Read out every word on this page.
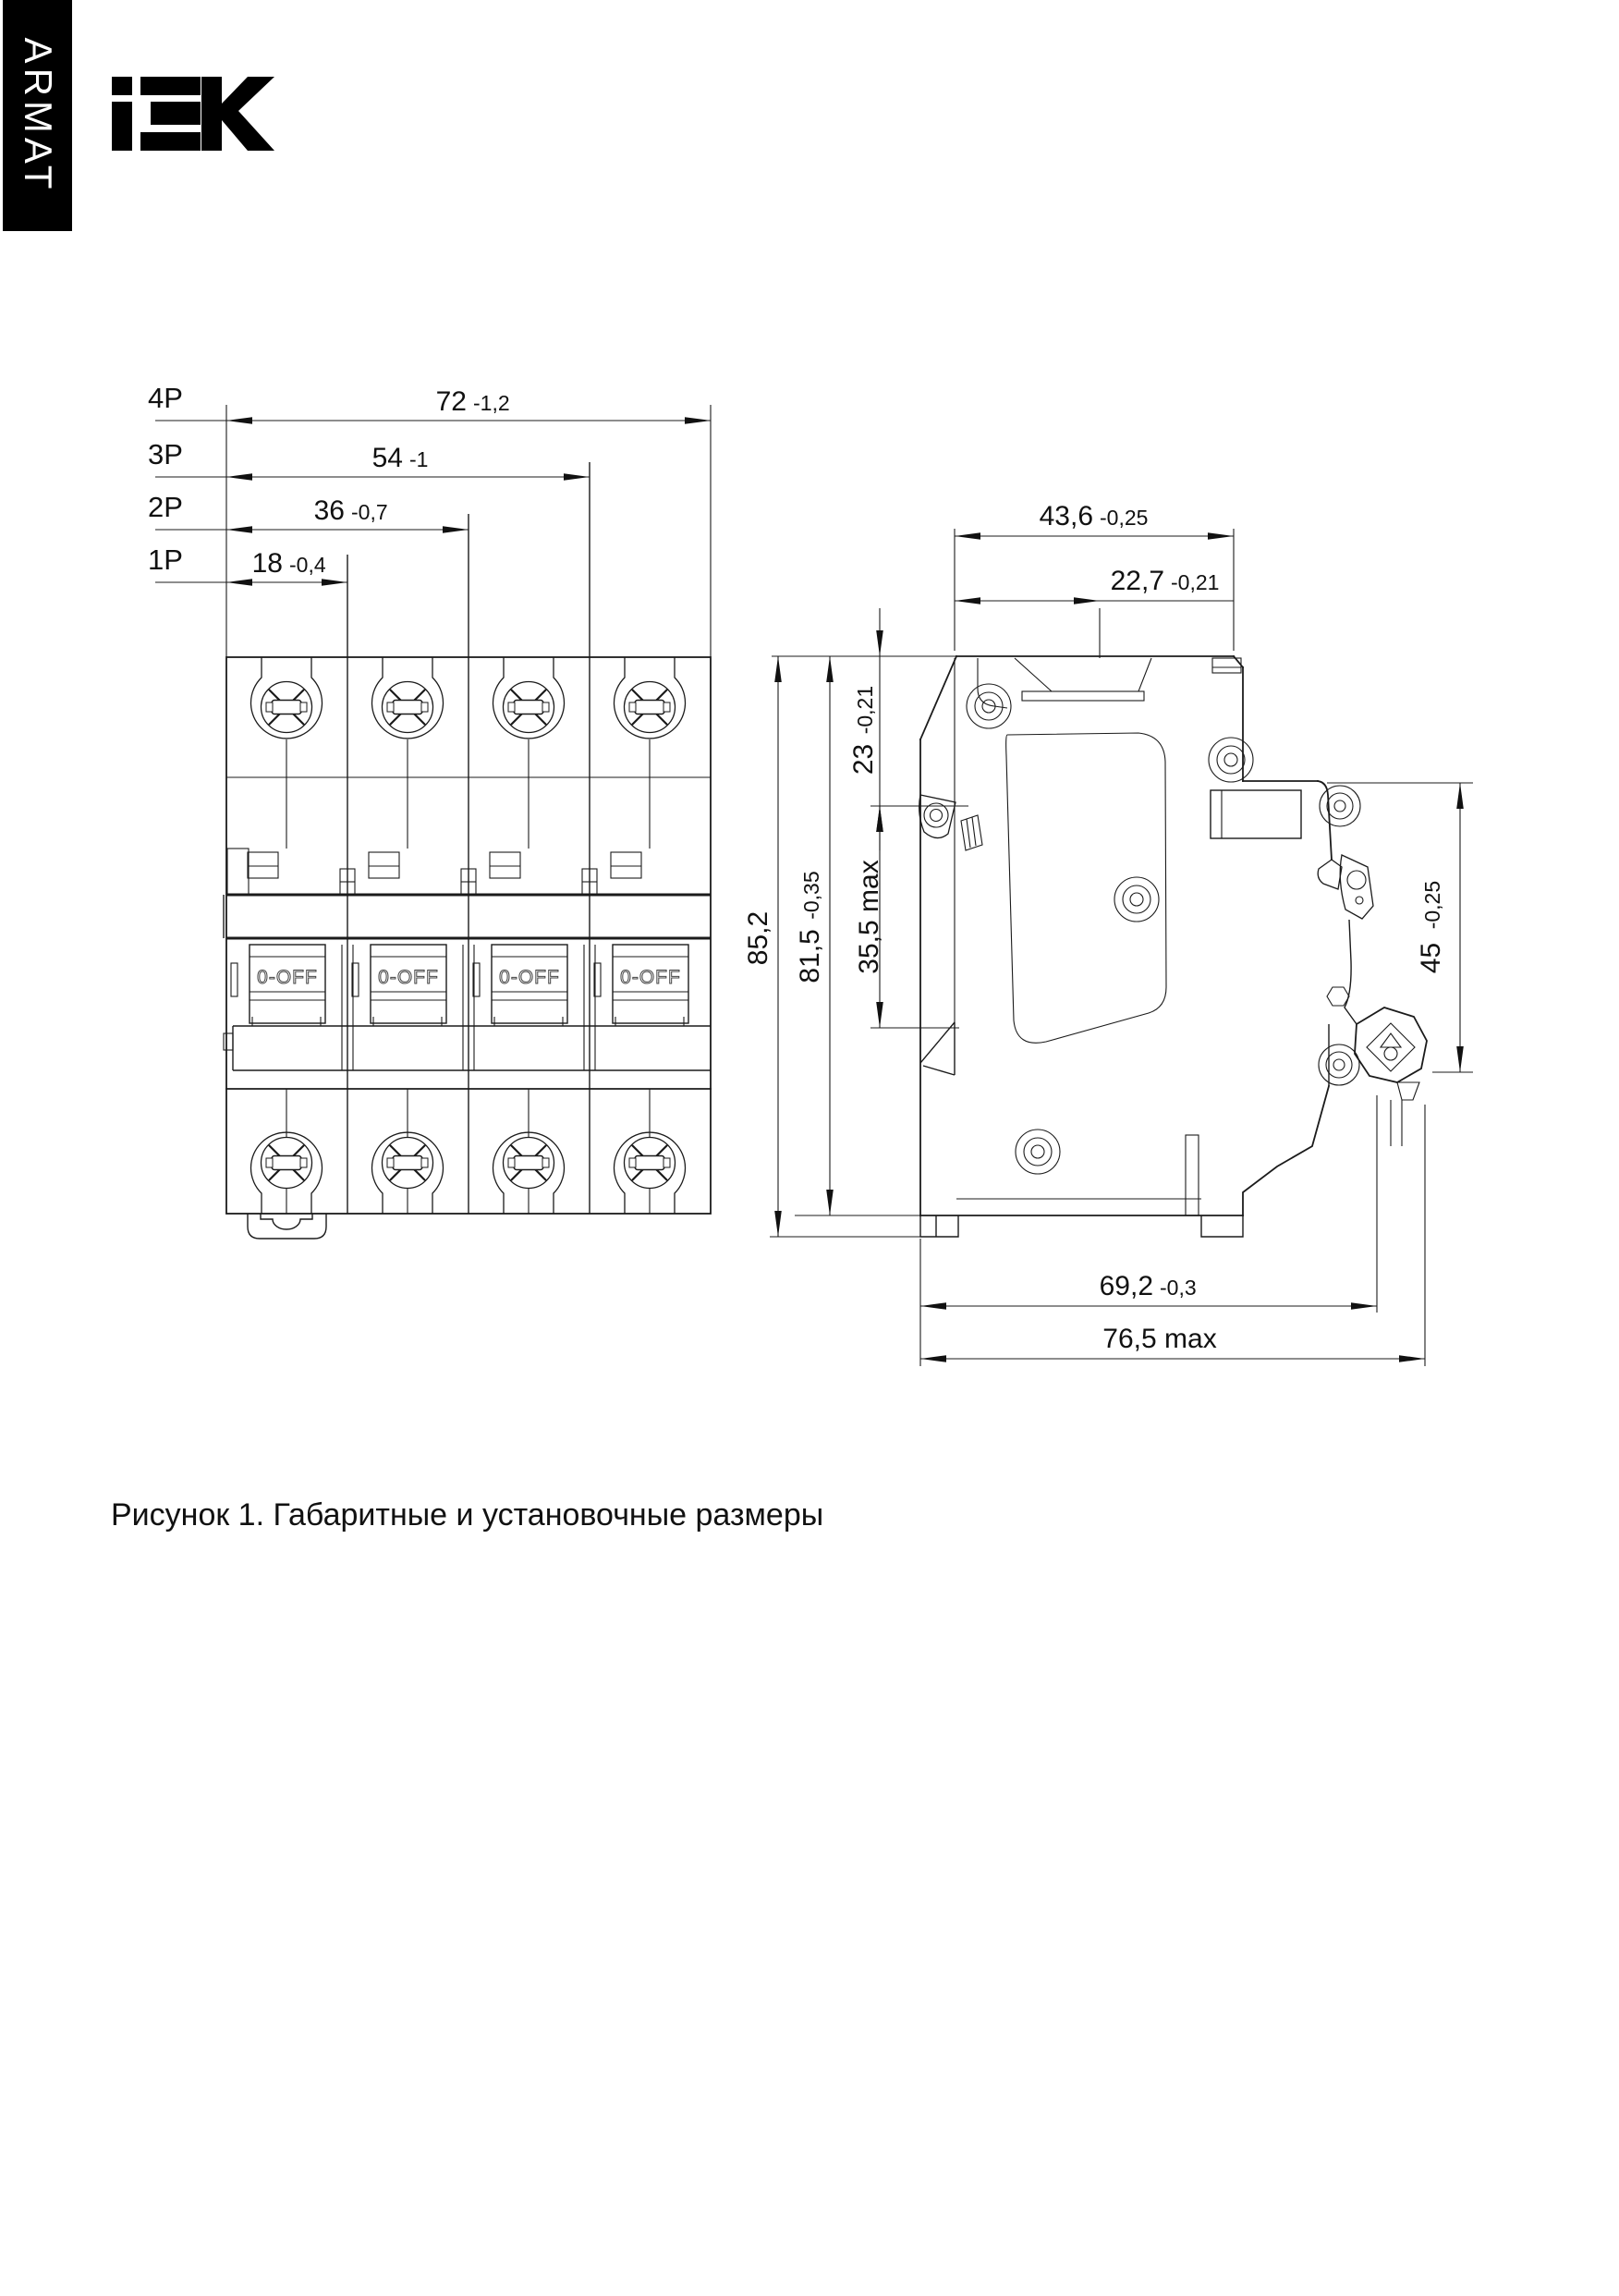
ARMAT
4P	72 -1,2
3P	54 -1
2P	36 -0,7
1P 18 -0,4
85,2 81,5 -0,35
23 -0,21
35,5 max
43,6 -0,25
22,7 -0,21
45 -0,25
69,2 -0,3
76,5 max
Рисунок 1. Габаритные и установочные размеры
